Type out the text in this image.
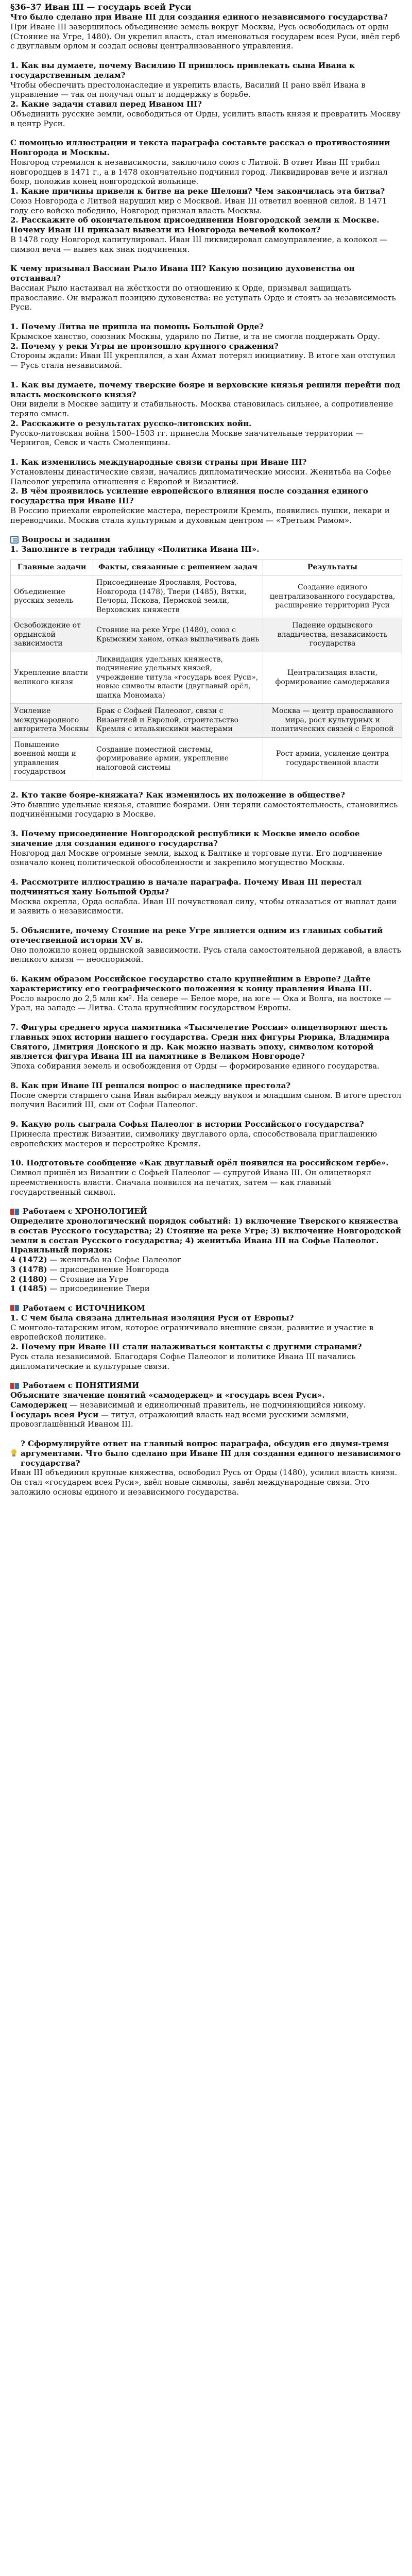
§36–37 Иван III — государь всей Руси
Что было сделано при Иване III для создания единого независимого государства?
При Иване III завершилось объединение земель вокруг Москвы, Русь освободилась от орды (Стояние на Угре, 1480). Он укрепил власть, стал именоваться государем всея Руси, ввёл герб с двуглавым орлом и создал основы централизованного управления.
1. Как вы думаете, почему Василию II пришлось привлекать сына Ивана к государственным делам?
Чтобы обеспечить престолонаследие и укрепить власть, Василий II рано ввёл Ивана в управление — так он получал опыт и поддержку в борьбе.
2. Какие задачи ставил перед Иваном III?
Объединить русские земли, освободиться от Орды, усилить власть князя и превратить Москву в центр Руси.
С помощью иллюстрации и текста параграфа составьте рассказ о противостоянии Новгорода и Москвы.
Новгород стремился к независимости, заключило союз с Литвой. В ответ Иван III трибил новгородцев в 1471 г., а в 1478 окончательно подчинил город. Ликвидировав вече и изгнал бояр, положив конец новгородской вольнице.
1. Какие причины привели к битве на реке Шелони? Чем закончилась эта битва?
Союз Новгорода с Литвой нарушил мир с Москвой. Иван III ответил военной силой. В 1471 году его войско победило, Новгород признал власть Москвы.
2. Расскажите об окончательном присоединении Новгородской земли к Москве. Почему Иван III приказал вывезти из Новгорода вечевой колокол?
В 1478 году Новгород капитулировал. Иван III ликвидировал самоуправление, а колокол — символ веча — вывез как знак подчинения.
К чему призывал Вассиан Рыло Ивана III? Какую позицию духовенства он отстаивал?
Вассиан Рыло настаивал на жёсткости по отношению к Орде, призывал защищать православие. Он выражал позицию духовенства: не уступать Орде и стоять за независимость Руси.
1. Почему Литва не пришла на помощь Большой Орде?
Крымское ханство, союзник Москвы, ударило по Литве, и та не смогла поддержать Орду.
2. Почему у реки Угры не произошло крупного сражения?
Стороны ждали: Иван III укреплялся, а хан Ахмат потерял инициативу. В итоге хан отступил — Русь стала независимой.
1. Как вы думаете, почему тверские бояре и верховские князья решили перейти под власть московского князя?
Они видели в Москве защиту и стабильность. Москва становилась сильнее, а сопротивление теряло смысл.
2. Расскажите о результатах русско-литовских войн.
Русско-литовская война 1500–1503 гг. принесла Москве значительные территории — Чернигов, Севск и часть Смоленщины.
1. Как изменились международные связи страны при Иване III?
Установлены династические связи, начались дипломатические миссии. Женитьба на Софье Палеолог укрепила отношения с Европой и Византией.
2. В чём проявилось усиление европейского влияния после создания единого государства при Иване III?
В Россию приехали европейские мастера, перестроили Кремль, появились пушки, лекари и переводчики. Москва стала культурным и духовным центром — «Третьим Римом».
Вопросы и задания
1. Заполните в тетради таблицу «Политика Ивана III».
Главные задачи	Факты, связанные с решением задач	Результаты
Объединение русских земель	Присоединение Ярославля, Ростова, Новгорода (1478), Твери (1485), Вятки, Печоры, Пскова, Пермской земли, Верховских княжеств	Создание единого централизованного государства, расширение территории Руси
Освобождение от ордынской зависимости	Стояние на реке Угре (1480), союз с Крымским ханом, отказ выплачивать дань	Падение ордынского владычества, независимость государства
Укрепление власти великого князя	Ликвидация удельных княжеств, подчинение удельных князей, учреждение титула «государь всея Руси», новые символы власти (двуглавый орёл, шапка Мономаха)	Централизация власти, формирование самодержавия
Усиление международного авторитета Москвы	Брак с Софьей Палеолог, связи с Византией и Европой, строительство Кремля с итальянскими мастерами	Москва — центр православного мира, рост культурных и политических связей с Европой
Повышение военной мощи и управления государством	Создание поместной системы, формирование армии, укрепление налоговой системы	Рост армии, усиление центра государственной власти
2. Кто такие бояре-княжата? Как изменилось их положение в обществе?
Это бывшие удельные князья, ставшие боярами. Они теряли самостоятельность, становились подчинёнными государю в Москве.
3. Почему присоединение Новгородской республики к Москве имело особое значение для создания единого государства?
Новгород дал Москве огромные земли, выход к Балтике и торговые пути. Его подчинение означало конец политической обособленности и закрепило могущество Москвы.
4. Рассмотрите иллюстрацию в начале параграфа. Почему Иван III перестал подчиняться хану Большой Орды?
Москва окрепла, Орда ослабла. Иван III почувствовал силу, чтобы отказаться от выплат дани и заявить о независимости.
5. Объясните, почему Стояние на реке Угре является одним из главных событий отечественной истории XV в.
Оно положило конец ордынской зависимости. Русь стала самостоятельной державой, а власть великого князя — неоспоримой.
6. Каким образом Российское государство стало крупнейшим в Европе? Дайте характеристику его географического положения к концу правления Ивана III.
Росло выросло до 2,5 млн км². На севере — Белое море, на юге — Ока и Волга, на востоке — Урал, на западе — Литва. Стала крупнейшим государством Европы.
7. Фигуры среднего яруса памятника «Тысячелетие России» олицетворяют шесть главных эпох истории нашего государства. Среди них фигуры Рюрика, Владимира Святого, Дмитрия Донского и др. Как можно назвать эпоху, символом которой является фигура Ивана III на памятнике в Великом Новгороде?
Эпоха собирания земель и освобождения от Орды — формирование единого государства.
8. Как при Иване III решался вопрос о наследнике престола?
После смерти старшего сына Иван выбирал между внуком и младшим сыном. В итоге престол получил Василий III, сын от Софьи Палеолог.
9. Какую роль сыграла Софья Палеолог в истории Российского государства?
Принесла престиж Византии, символику двуглавого орла, способствовала приглашению европейских мастеров и перестройке Кремля.
10. Подготовьте сообщение «Как двуглавый орёл появился на российском гербе».
Символ пришёл из Византии с Софьей Палеолог — супругой Ивана III. Он олицетворял преемственность власти. Сначала появился на печатях, затем — как главный государственный символ.
Работаем с ХРОНОЛОГИЕЙ
Определите хронологический порядок событий: 1) включение Тверского княжества в состав Русского государства; 2) Стояние на реке Угре; 3) включение Новгородской земли в состав Русского государства; 4) женитьба Ивана III на Софье Палеолог.
Правильный порядок:
4 (1472) — женитьба на Софье Палеолог
3 (1478) — присоединение Новгорода
2 (1480) — Стояние на Угре
1 (1485) — присоединение Твери
Работаем с ИСТОЧНИКОМ
1. С чем была связана длительная изоляция Руси от Европы?
С монголо-татарским игом, которое ограничивало внешние связи, развитие и участие в европейской политике.
2. Почему при Иване III стали налаживаться контакты с другими странами?
Русь стала независимой. Благодаря Софье Палеолог и политике Ивана III начались дипломатические и культурные связи.
Работаем с ПОНЯТИЯМИ
Объясните значение понятий «самодержец» и «государь всея Руси».
Самодержец — независимый и единоличный правитель, не подчиняющийся никому.
Государь всея Руси — титул, отражающий власть над всеми русскими землями, провозглашённый Иваном III.
? Сформулируйте ответ на главный вопрос параграфа, обсудив его двумя-тремя аргументами. Что было сделано при Иване III для создания единого независимого государства?
Иван III объединил крупные княжества, освободил Русь от Орды (1480), усилил власть князя. Он стал «государем всея Руси», ввёл новые символы, завёл международные связи. Это заложило основы единого и независимого государства.
